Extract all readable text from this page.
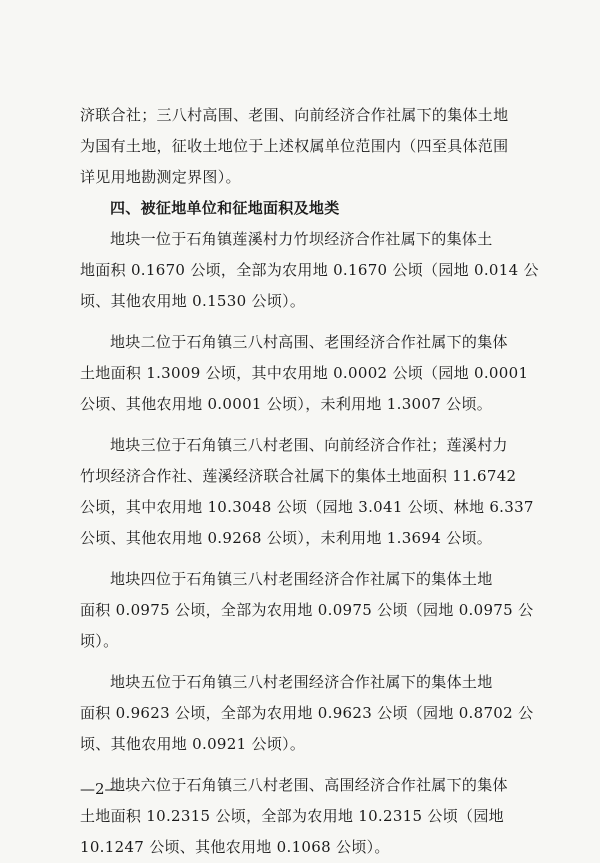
济联合社；三八村高围、老围、向前经济合作社属下的集体土地
为国有土地，征收土地位于上述权属单位范围内（四至具体范围
详见用地勘测定界图）。
四、被征地单位和征地面积及地类
地块一位于石角镇莲溪村力竹坝经济合作社属下的集体土
地面积 0.1670 公顷，全部为农用地 0.1670 公顷（园地 0.014 公
顷、其他农用地 0.1530 公顷）。
地块二位于石角镇三八村高围、老围经济合作社属下的集体
土地面积 1.3009 公顷，其中农用地 0.0002 公顷（园地 0.0001
公顷、其他农用地 0.0001 公顷），未利用地 1.3007 公顷。
地块三位于石角镇三八村老围、向前经济合作社；莲溪村力
竹坝经济合作社、莲溪经济联合社属下的集体土地面积 11.6742
公顷，其中农用地 10.3048 公顷（园地 3.041 公顷、林地 6.337
公顷、其他农用地 0.9268 公顷），未利用地 1.3694 公顷。
地块四位于石角镇三八村老围经济合作社属下的集体土地
面积 0.0975 公顷，全部为农用地 0.0975 公顷（园地 0.0975 公
顷）。
地块五位于石角镇三八村老围经济合作社属下的集体土地
面积 0.9623 公顷，全部为农用地 0.9623 公顷（园地 0.8702 公
顷、其他农用地 0.0921 公顷）。
地块六位于石角镇三八村老围、高围经济合作社属下的集体
土地面积 10.2315 公顷，全部为农用地 10.2315 公顷（园地
10.1247 公顷、其他农用地 0.1068 公顷）。
—2—
